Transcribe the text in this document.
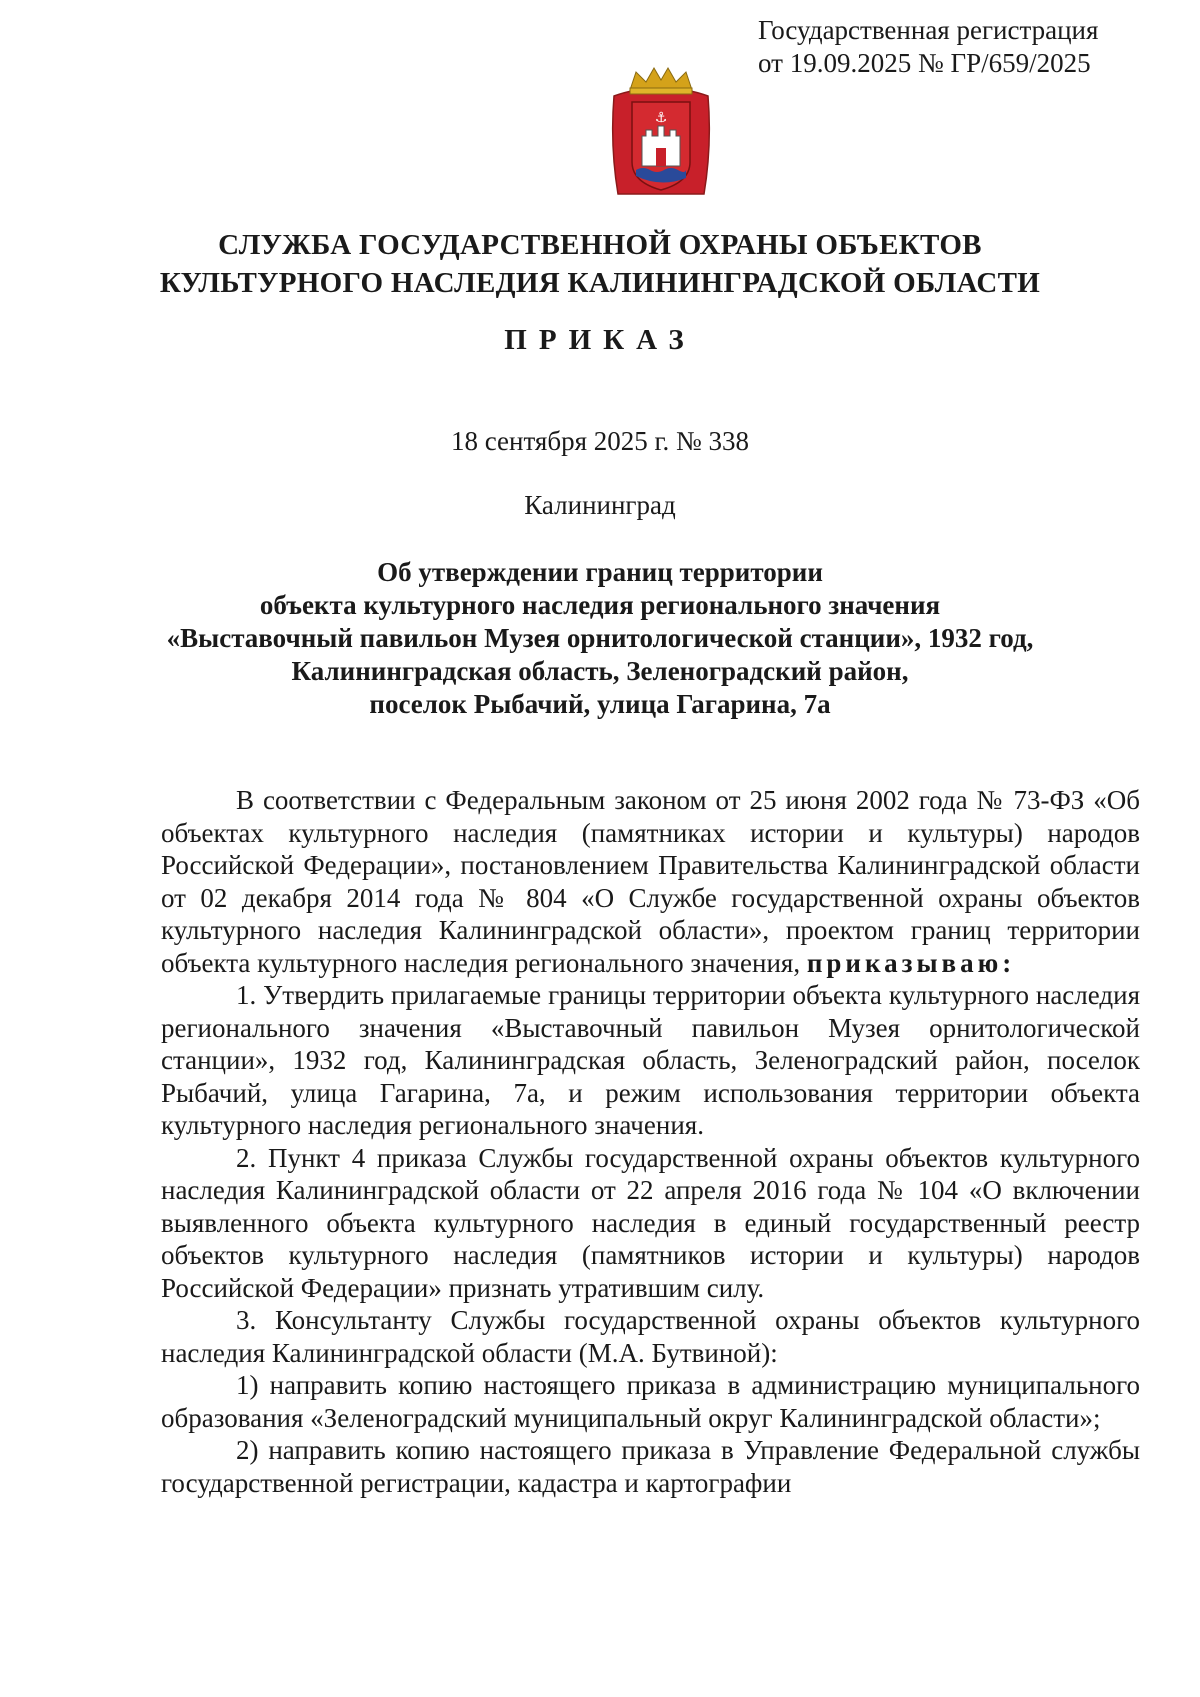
Государственная регистрация
от 19.09.2025 № ГР/659/2025
⚓
СЛУЖБА ГОСУДАРСТВЕННОЙ ОХРАНЫ ОБЪЕКТОВ
КУЛЬТУРНОГО НАСЛЕДИЯ КАЛИНИНГРАДСКОЙ ОБЛАСТИ
ПРИКАЗ
18 сентября 2025 г. № 338
Калининград
Об утверждении границ территории
объекта культурного наследия регионального значения
«Выставочный павильон Музея орнитологической станции», 1932 год,
Калининградская область, Зеленоградский район,
поселок Рыбачий, улица Гагарина, 7а

В соответствии с Федеральным законом от 25 июня 2002 года № 73-ФЗ «Об объектах культурного наследия (памятниках истории и культуры) народов Российской Федерации», постановлением Правительства Калининградской области от 02 декабря 2014 года № 804 «О Службе государственной охраны объектов культурного наследия Калининградской области», проектом границ территории объекта культурного наследия регионального значения, приказываю:

1. Утвердить прилагаемые границы территории объекта культурного наследия регионального значения «Выставочный павильон Музея орнитологической станции», 1932 год, Калининградская область, Зеленоградский район, поселок Рыбачий, улица Гагарина, 7а, и режим использования территории объекта культурного наследия регионального значения.

2. Пункт 4 приказа Службы государственной охраны объектов культурного наследия Калининградской области от 22 апреля 2016 года № 104 «О включении выявленного объекта культурного наследия в единый государственный реестр объектов культурного наследия (памятников истории и культуры) народов Российской Федерации» признать утратившим силу.

3. Консультанту Службы государственной охраны объектов культурного наследия Калининградской области (М.А. Бутвиной):

1) направить копию настоящего приказа в администрацию муниципального образования «Зеленоградский муниципальный округ Калининградской области»;

2) направить копию настоящего приказа в Управление Федеральной службы государственной регистрации, кадастра и картографии
